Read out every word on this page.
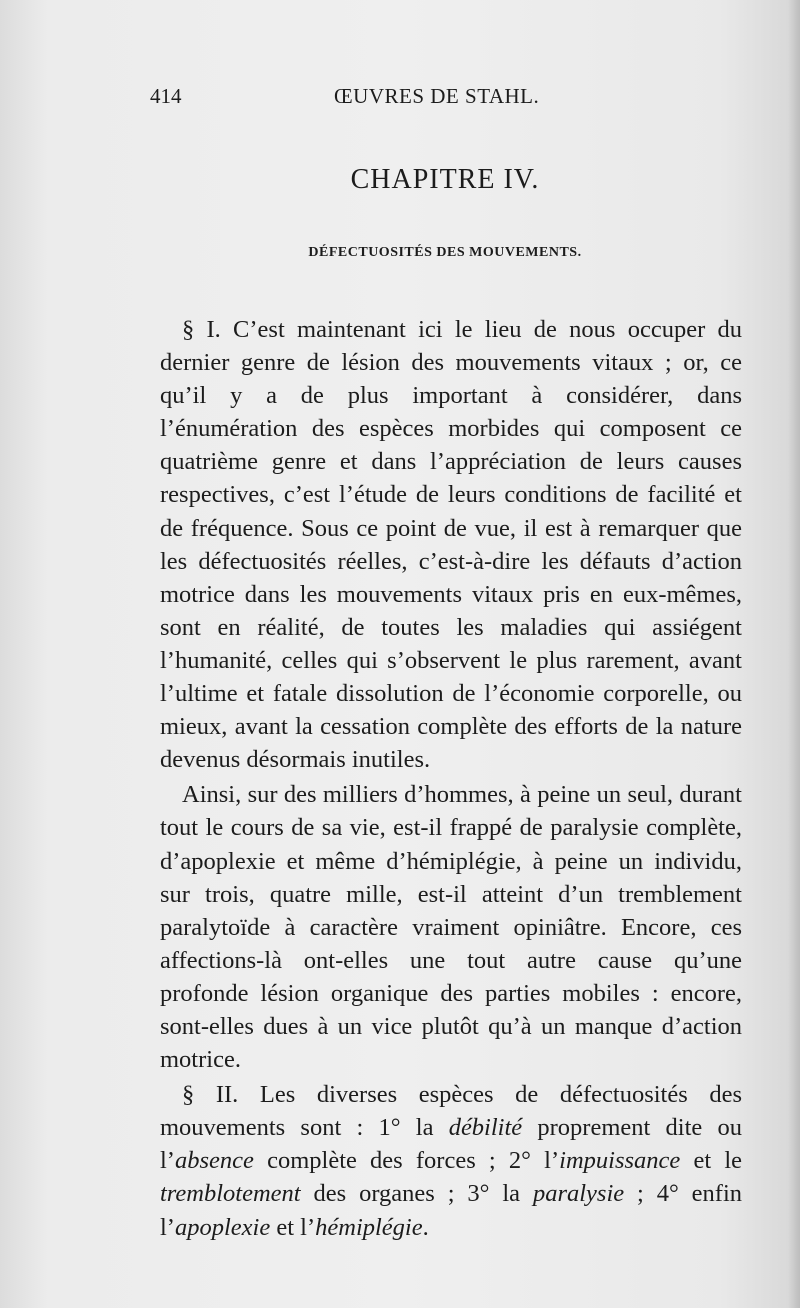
414	ŒUVRES DE STAHL.
CHAPITRE IV.
DÉFECTUOSITÉS DES MOUVEMENTS.

§ I. C’est maintenant ici le lieu de nous occuper du dernier genre de lésion des mouvements vitaux ; or, ce qu’il y a de plus important à considérer, dans l’énumération des espèces morbides qui composent ce quatrième genre et dans l’appréciation de leurs causes respectives, c’est l’étude de leurs conditions de facilité et de fréquence. Sous ce point de vue, il est à remarquer que les défectuosités réelles, c’est-à-dire les défauts d’action motrice dans les mouvements vitaux pris en eux-mêmes, sont en réalité, de toutes les maladies qui assiégent l’humanité, celles qui s’observent le plus rarement, avant l’ultime et fatale dissolution de l’économie corporelle, ou mieux, avant la cessation complète des efforts de la nature devenus désormais inutiles.

Ainsi, sur des milliers d’hommes, à peine un seul, durant tout le cours de sa vie, est-il frappé de paralysie complète, d’apoplexie et même d’hémiplégie, à peine un individu, sur trois, quatre mille, est-il atteint d’un tremblement paralytoïde à caractère vraiment opiniâtre. Encore, ces affections-là ont-elles une tout autre cause qu’une profonde lésion organique des parties mobiles : encore, sont-elles dues à un vice plutôt qu’à un manque d’action motrice.

§ II. Les diverses espèces de défectuosités des mouvements sont : 1° la débilité proprement dite ou l’absence complète des forces ; 2° l’impuissance et le tremblotement des organes ; 3° la paralysie ; 4° enfin l’apoplexie et l’hémiplégie.
